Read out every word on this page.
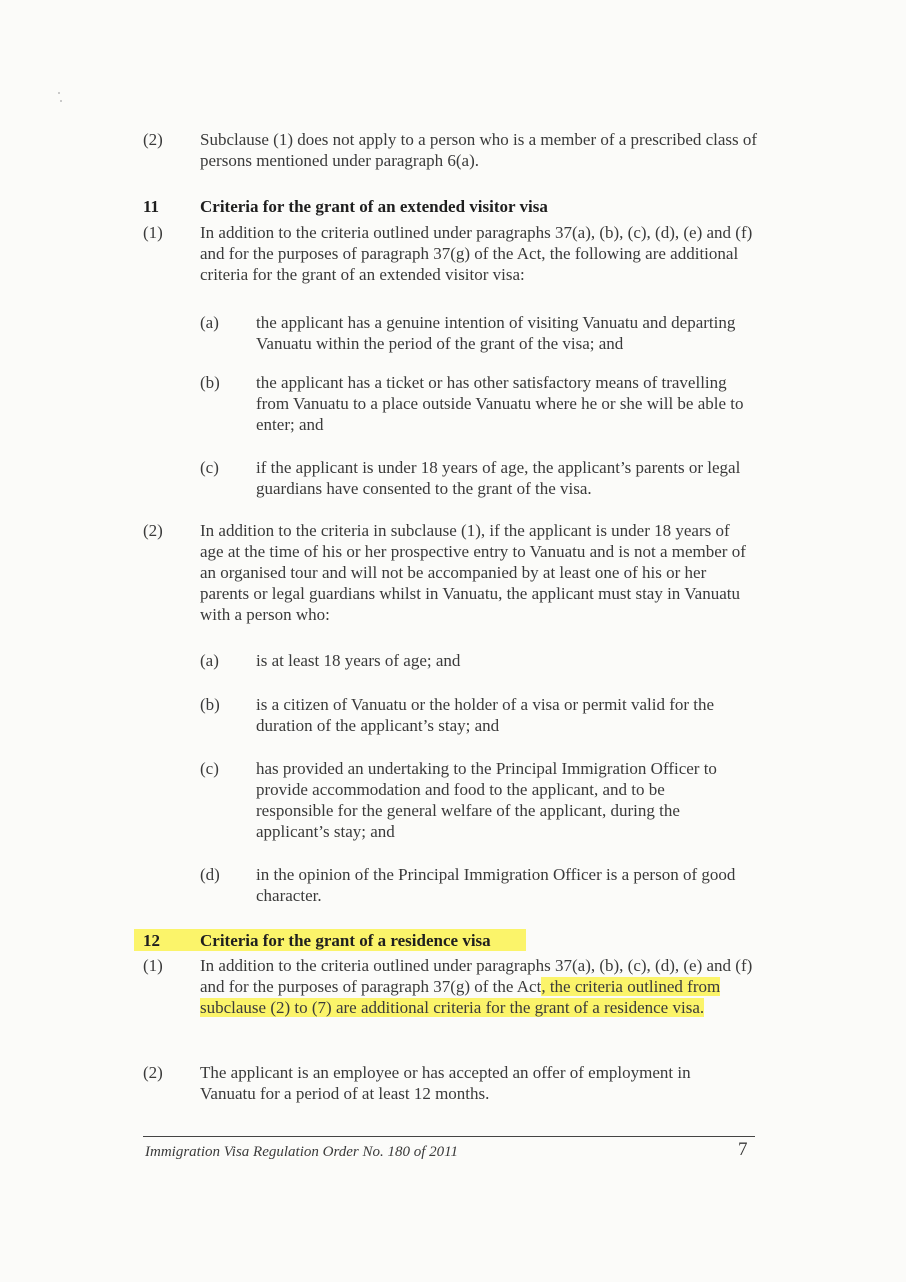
(2) Subclause (1) does not apply to a person who is a member of a prescribed class of persons mentioned under paragraph 6(a).
11 Criteria for the grant of an extended visitor visa
(1) In addition to the criteria outlined under paragraphs 37(a), (b), (c), (d), (e) and (f) and for the purposes of paragraph 37(g) of the Act, the following are additional criteria for the grant of an extended visitor visa:
(a) the applicant has a genuine intention of visiting Vanuatu and departing Vanuatu within the period of the grant of the visa; and
(b) the applicant has a ticket or has other satisfactory means of travelling from Vanuatu to a place outside Vanuatu where he or she will be able to enter; and
(c) if the applicant is under 18 years of age, the applicant’s parents or legal guardians have consented to the grant of the visa.
(2) In addition to the criteria in subclause (1), if the applicant is under 18 years of age at the time of his or her prospective entry to Vanuatu and is not a member of an organised tour and will not be accompanied by at least one of his or her parents or legal guardians whilst in Vanuatu, the applicant must stay in Vanuatu with a person who:
(a) is at least 18 years of age; and
(b) is a citizen of Vanuatu or the holder of a visa or permit valid for the duration of the applicant’s stay; and
(c) has provided an undertaking to the Principal Immigration Officer to provide accommodation and food to the applicant, and to be responsible for the general welfare of the applicant, during the applicant’s stay; and
(d) in the opinion of the Principal Immigration Officer is a person of good character.
12 Criteria for the grant of a residence visa
(1) In addition to the criteria outlined under paragraphs 37(a), (b), (c), (d), (e) and (f) and for the purposes of paragraph 37(g) of the Act, the criteria outlined from subclause (2) to (7) are additional criteria for the grant of a residence visa.
(2) The applicant is an employee or has accepted an offer of employment in Vanuatu for a period of at least 12 months.
Immigration Visa Regulation Order No. 180 of 2011	7
